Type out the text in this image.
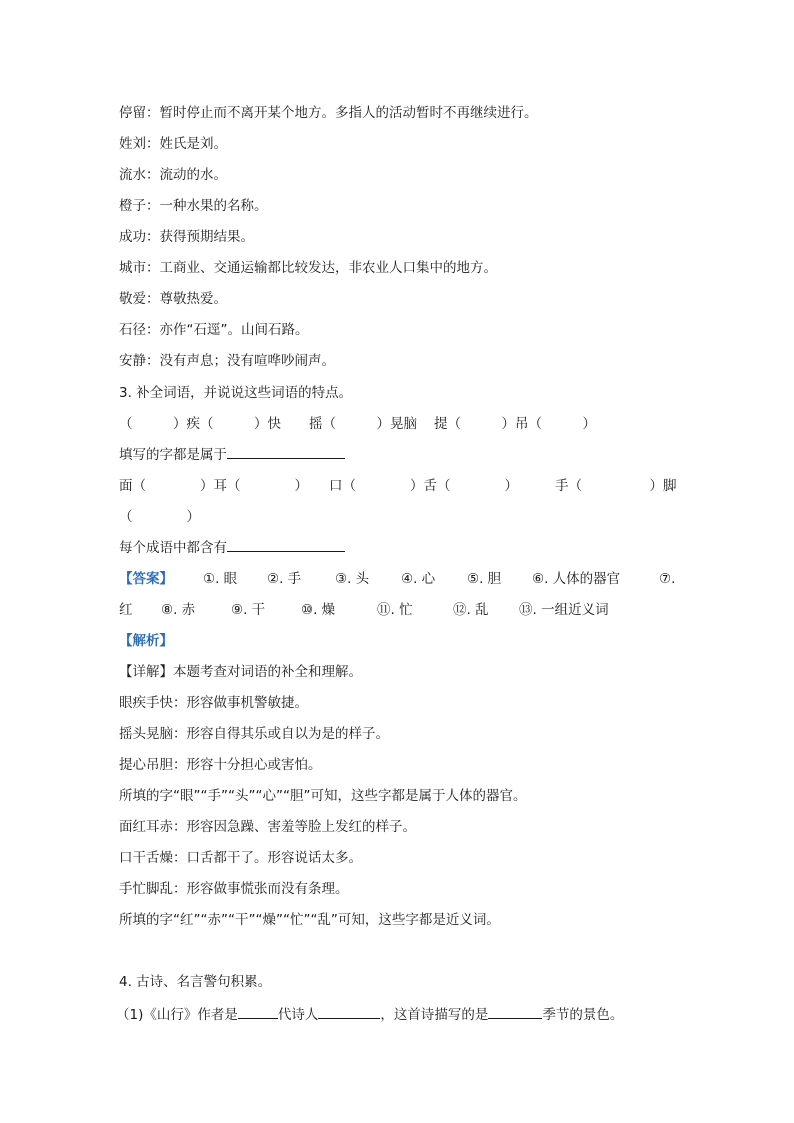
停留：暂时停止而不离开某个地方。多指人的活动暂时不再继续进行。
姓刘：姓氏是刘。
流水：流动的水。
橙子：一种水果的名称。
成功：获得预期结果。
城市：工商业、交通运输都比较发达，非农业人口集中的地方。
敬爱：尊敬热爱。
石径：亦作“石逕”。山间石路。
安静：没有声息；没有喧哗吵闹声。
3. 补全词语，并说说这些词语的特点。
（　　　）疾（　　　）快 摇（　　　）晃脑 提（　　　）吊（　　　）
填写的字都是属于
面（　　　　）耳（　　　　） 口（　　　　）舌（　　　　）	手（　　　　　）脚
（　　　　）
每个成语中都含有
【答案】 ①. 眼 ②. 手	③. 头 ④. 心 ⑤. 胆 ⑥. 人体的器官	⑦.
红 ⑧. 赤	⑨. 干	⑩. 燥	⑪. 忙	⑫. 乱 ⑬. 一组近义词
【解析】
【详解】本题考查对词语的补全和理解。
眼疾手快：形容做事机警敏捷。
摇头晃脑：形容自得其乐或自以为是的样子。
提心吊胆：形容十分担心或害怕。
所填的字“眼”“手”“头”“心”“胆”可知，这些字都是属于人体的器官。
面红耳赤：形容因急躁、害羞等脸上发红的样子。
口干舌燥：口舌都干了。形容说话太多。
手忙脚乱：形容做事慌张而没有条理。
所填的字“红”“赤”“干”“燥”“忙”“乱”可知，这些字都是近义词。
4. 古诗、名言警句积累。
（1)《山行》作者是	代诗人	，这首诗描写的是	季节的景色。
